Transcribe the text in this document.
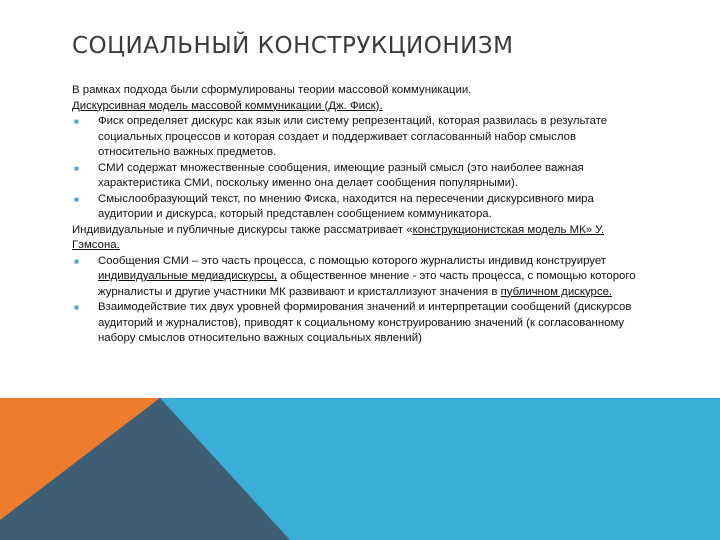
СОЦИАЛЬНЫЙ КОНСТРУКЦИОНИЗМ

В рамках подхода были сформулированы теории массовой коммуникации.

Дискурсивная модель массовой коммуникации (Дж. Фиск).

■ Фиск определяет дискурс как язык или систему репрезентаций, которая развилась в результате социальных процессов и которая создает и поддерживает согласованный набор смыслов относительно важных предметов.
■ СМИ содержат множественные сообщения, имеющие разный смысл (это наиболее важная характеристика СМИ, поскольку именно она делает сообщения популярными).
■ Смыслообразующий текст, по мнению Фиска, находится на пересечении дискурсивного мира аудитории и дискурса, который представлен сообщением коммуникатора.

Индивидуальные и публичные дискурсы также рассматривает «конструкционистская модель МК» У. Гэмсона.

■ Сообщения СМИ – это часть процесса, с помощью которого журналисты индивид конструирует индивидуальные медиадискурсы, а общественное мнение - это часть процесса, с помощью которого журналисты и другие участники МК развивают и кристаллизуют значения в публичном дискурсе.
■ Взаимодействие тих двух уровней формирования значений и интерпретации сообщений (дискурсов аудиторий и журналистов), приводят к социальному конструированию значений (к согласованному набору смыслов относительно важных социальных явлений)
